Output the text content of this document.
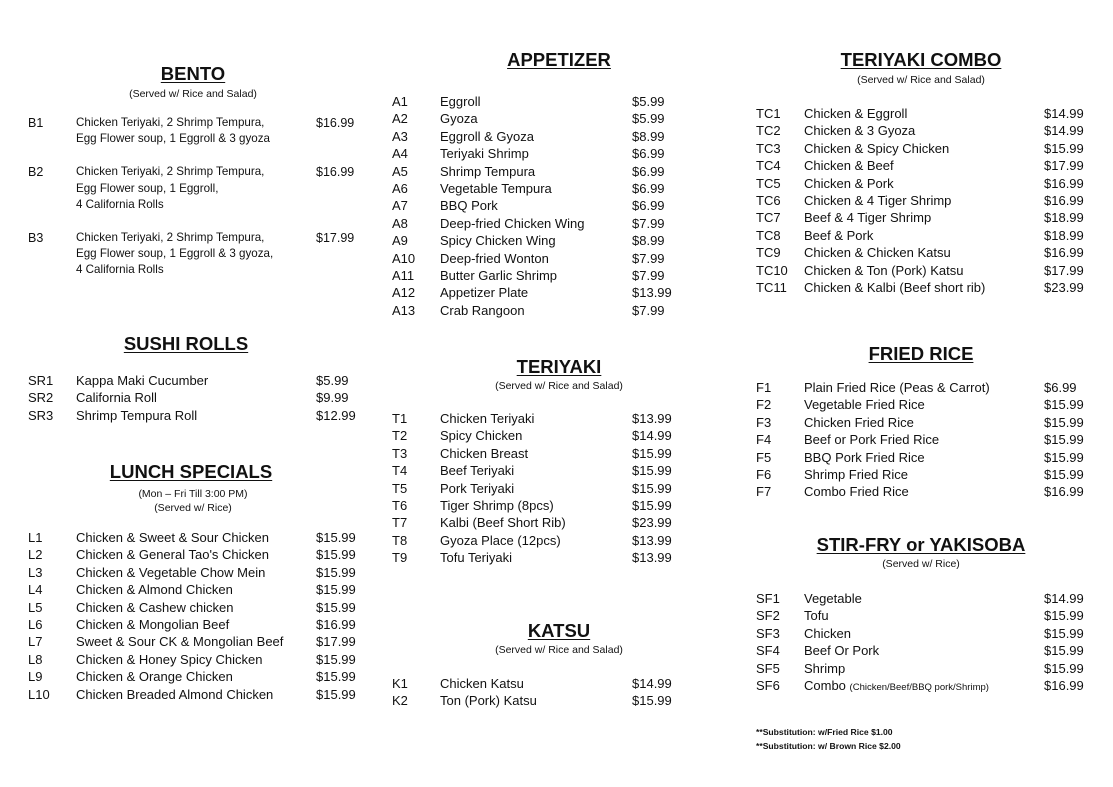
BENTO
(Served w/ Rice and Salad)
B1	Chicken Teriyaki, 2 Shrimp Tempura,
Egg Flower soup, 1 Eggroll & 3 gyoza
$16.99
B2	Chicken Teriyaki, 2 Shrimp Tempura,
Egg Flower soup, 1 Eggroll,
4 California Rolls
$16.99
B3	Chicken Teriyaki, 2 Shrimp Tempura,
Egg Flower soup, 1 Eggroll & 3 gyoza,
4 California Rolls
$17.99
SUSHI ROLLS
SR1 Kappa Maki Cucumber	$5.99
SR2 California Roll	$9.99
SR3 Shrimp Tempura Roll	$12.99
LUNCH SPECIALS
(Mon – Fri Till 3:00 PM)
(Served w/ Rice)
L1	Chicken & Sweet & Sour Chicken	$15.99
L2	Chicken & General Tao's Chicken	$15.99
L3	Chicken & Vegetable Chow Mein	$15.99
L4	Chicken & Almond Chicken	$15.99
L5	Chicken & Cashew chicken	$15.99
L6	Chicken & Mongolian Beef	$16.99
L7	Sweet & Sour CK & Mongolian Beef	$17.99
L8	Chicken & Honey Spicy Chicken	$15.99
L9	Chicken & Orange Chicken	$15.99
L10 Chicken Breaded Almond Chicken	$15.99
APPETIZER
A1 Eggroll	$5.99
A2 Gyoza	$5.99
A3 Eggroll & Gyoza	$8.99
A4 Teriyaki Shrimp	$6.99
A5 Shrimp Tempura	$6.99
A6 Vegetable Tempura	$6.99
A7 BBQ Pork	$6.99
A8 Deep-fried Chicken Wing	$7.99
A9 Spicy Chicken Wing	$8.99
A10 Deep-fried Wonton	$7.99
A11 Butter Garlic Shrimp	$7.99
A12 Appetizer Plate	$13.99
A13 Crab Rangoon	$7.99
TERIYAKI
(Served w/ Rice and Salad)
T1	Chicken Teriyaki	$13.99
T2	Spicy Chicken	$14.99
T3	Chicken Breast	$15.99
T4	Beef Teriyaki	$15.99
T5	Pork Teriyaki	$15.99
T6	Tiger Shrimp (8pcs)	$15.99
T7	Kalbi (Beef Short Rib)	$23.99
T8	Gyoza Place (12pcs)	$13.99
T9	Tofu Teriyaki	$13.99
KATSU
(Served w/ Rice and Salad)
K1 Chicken Katsu	$14.99
K2 Ton (Pork) Katsu	$15.99
TERIYAKI COMBO
(Served w/ Rice and Salad)
TC1 Chicken & Eggroll	$14.99
TC2 Chicken & 3 Gyoza	$14.99
TC3 Chicken & Spicy Chicken	$15.99
TC4 Chicken & Beef	$17.99
TC5 Chicken & Pork	$16.99
TC6 Chicken & 4 Tiger Shrimp	$16.99
TC7 Beef & 4 Tiger Shrimp	$18.99
TC8 Beef & Pork	$18.99
TC9 Chicken & Chicken Katsu	$16.99
TC10 Chicken & Ton (Pork) Katsu	$17.99
TC11 Chicken & Kalbi (Beef short rib)	$23.99
FRIED RICE
F1	Plain Fried Rice (Peas & Carrot)	$6.99
F2	Vegetable Fried Rice	$15.99
F3	Chicken Fried Rice	$15.99
F4	Beef or Pork Fried Rice	$15.99
F5	BBQ Pork Fried Rice	$15.99
F6	Shrimp Fried Rice	$15.99
F7	Combo Fried Rice	$16.99
STIR-FRY or YAKISOBA
(Served w/ Rice)
SF1 Vegetable	$14.99
SF2 Tofu	$15.99
SF3 Chicken	$15.99
SF4 Beef Or Pork	$15.99
SF5 Shrimp	$15.99
SF6 Combo (Chicken/Beef/BBQ pork/Shrimp)	$16.99
**Substitution: w/Fried Rice $1.00
**Substitution: w/ Brown Rice $2.00
